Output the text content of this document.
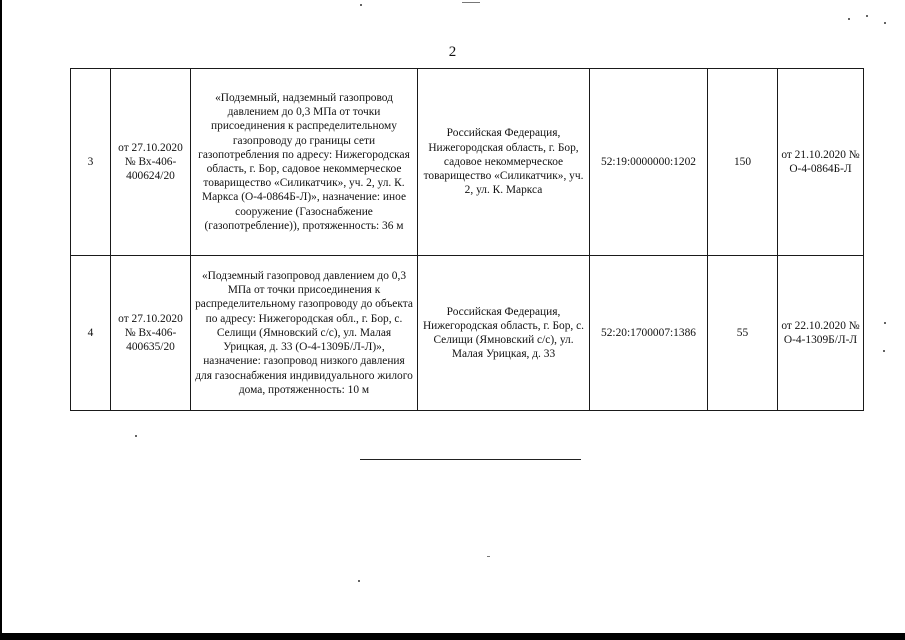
2
3	от 27.10.2020 № Вх-406-400624/20	«Подземный, надземный газопровод давлением до 0,3 МПа от точки присоединения к распределительному газопроводу до границы сети газопотребления по адресу: Нижегородская область, г. Бор, садовое некоммерческое товарищество «Силикатчик», уч. 2, ул. К. Маркса (О-4-0864Б-Л)», назначение: иное сооружение (Газоснабжение (газопотребление)), протяженность: 36 м	Российская Федерация, Нижегородская область, г. Бор, садовое некоммерческое товарищество «Силикатчик», уч. 2, ул. К. Маркса	52:19:0000000:1202	150	от 21.10.2020 № О-4-0864Б-Л
4	от 27.10.2020 № Вх-406-400635/20	«Подземный газопровод давлением до 0,3 МПа от точки присоединения к распределительному газопроводу до объекта по адресу: Нижегородская обл., г. Бор, с. Селищи (Ямновский с/с), ул. Малая Урицкая, д. 33 (О-4-1309Б/Л-Л)», назначение: газопровод низкого давления для газоснабжения индивидуального жилого дома, протяженность: 10 м	Российская Федерация, Нижегородская область, г. Бор, с. Селищи (Ямновский с/с), ул. Малая Урицкая, д. 33	52:20:1700007:1386	55	от 22.10.2020 № О-4-1309Б/Л-Л
